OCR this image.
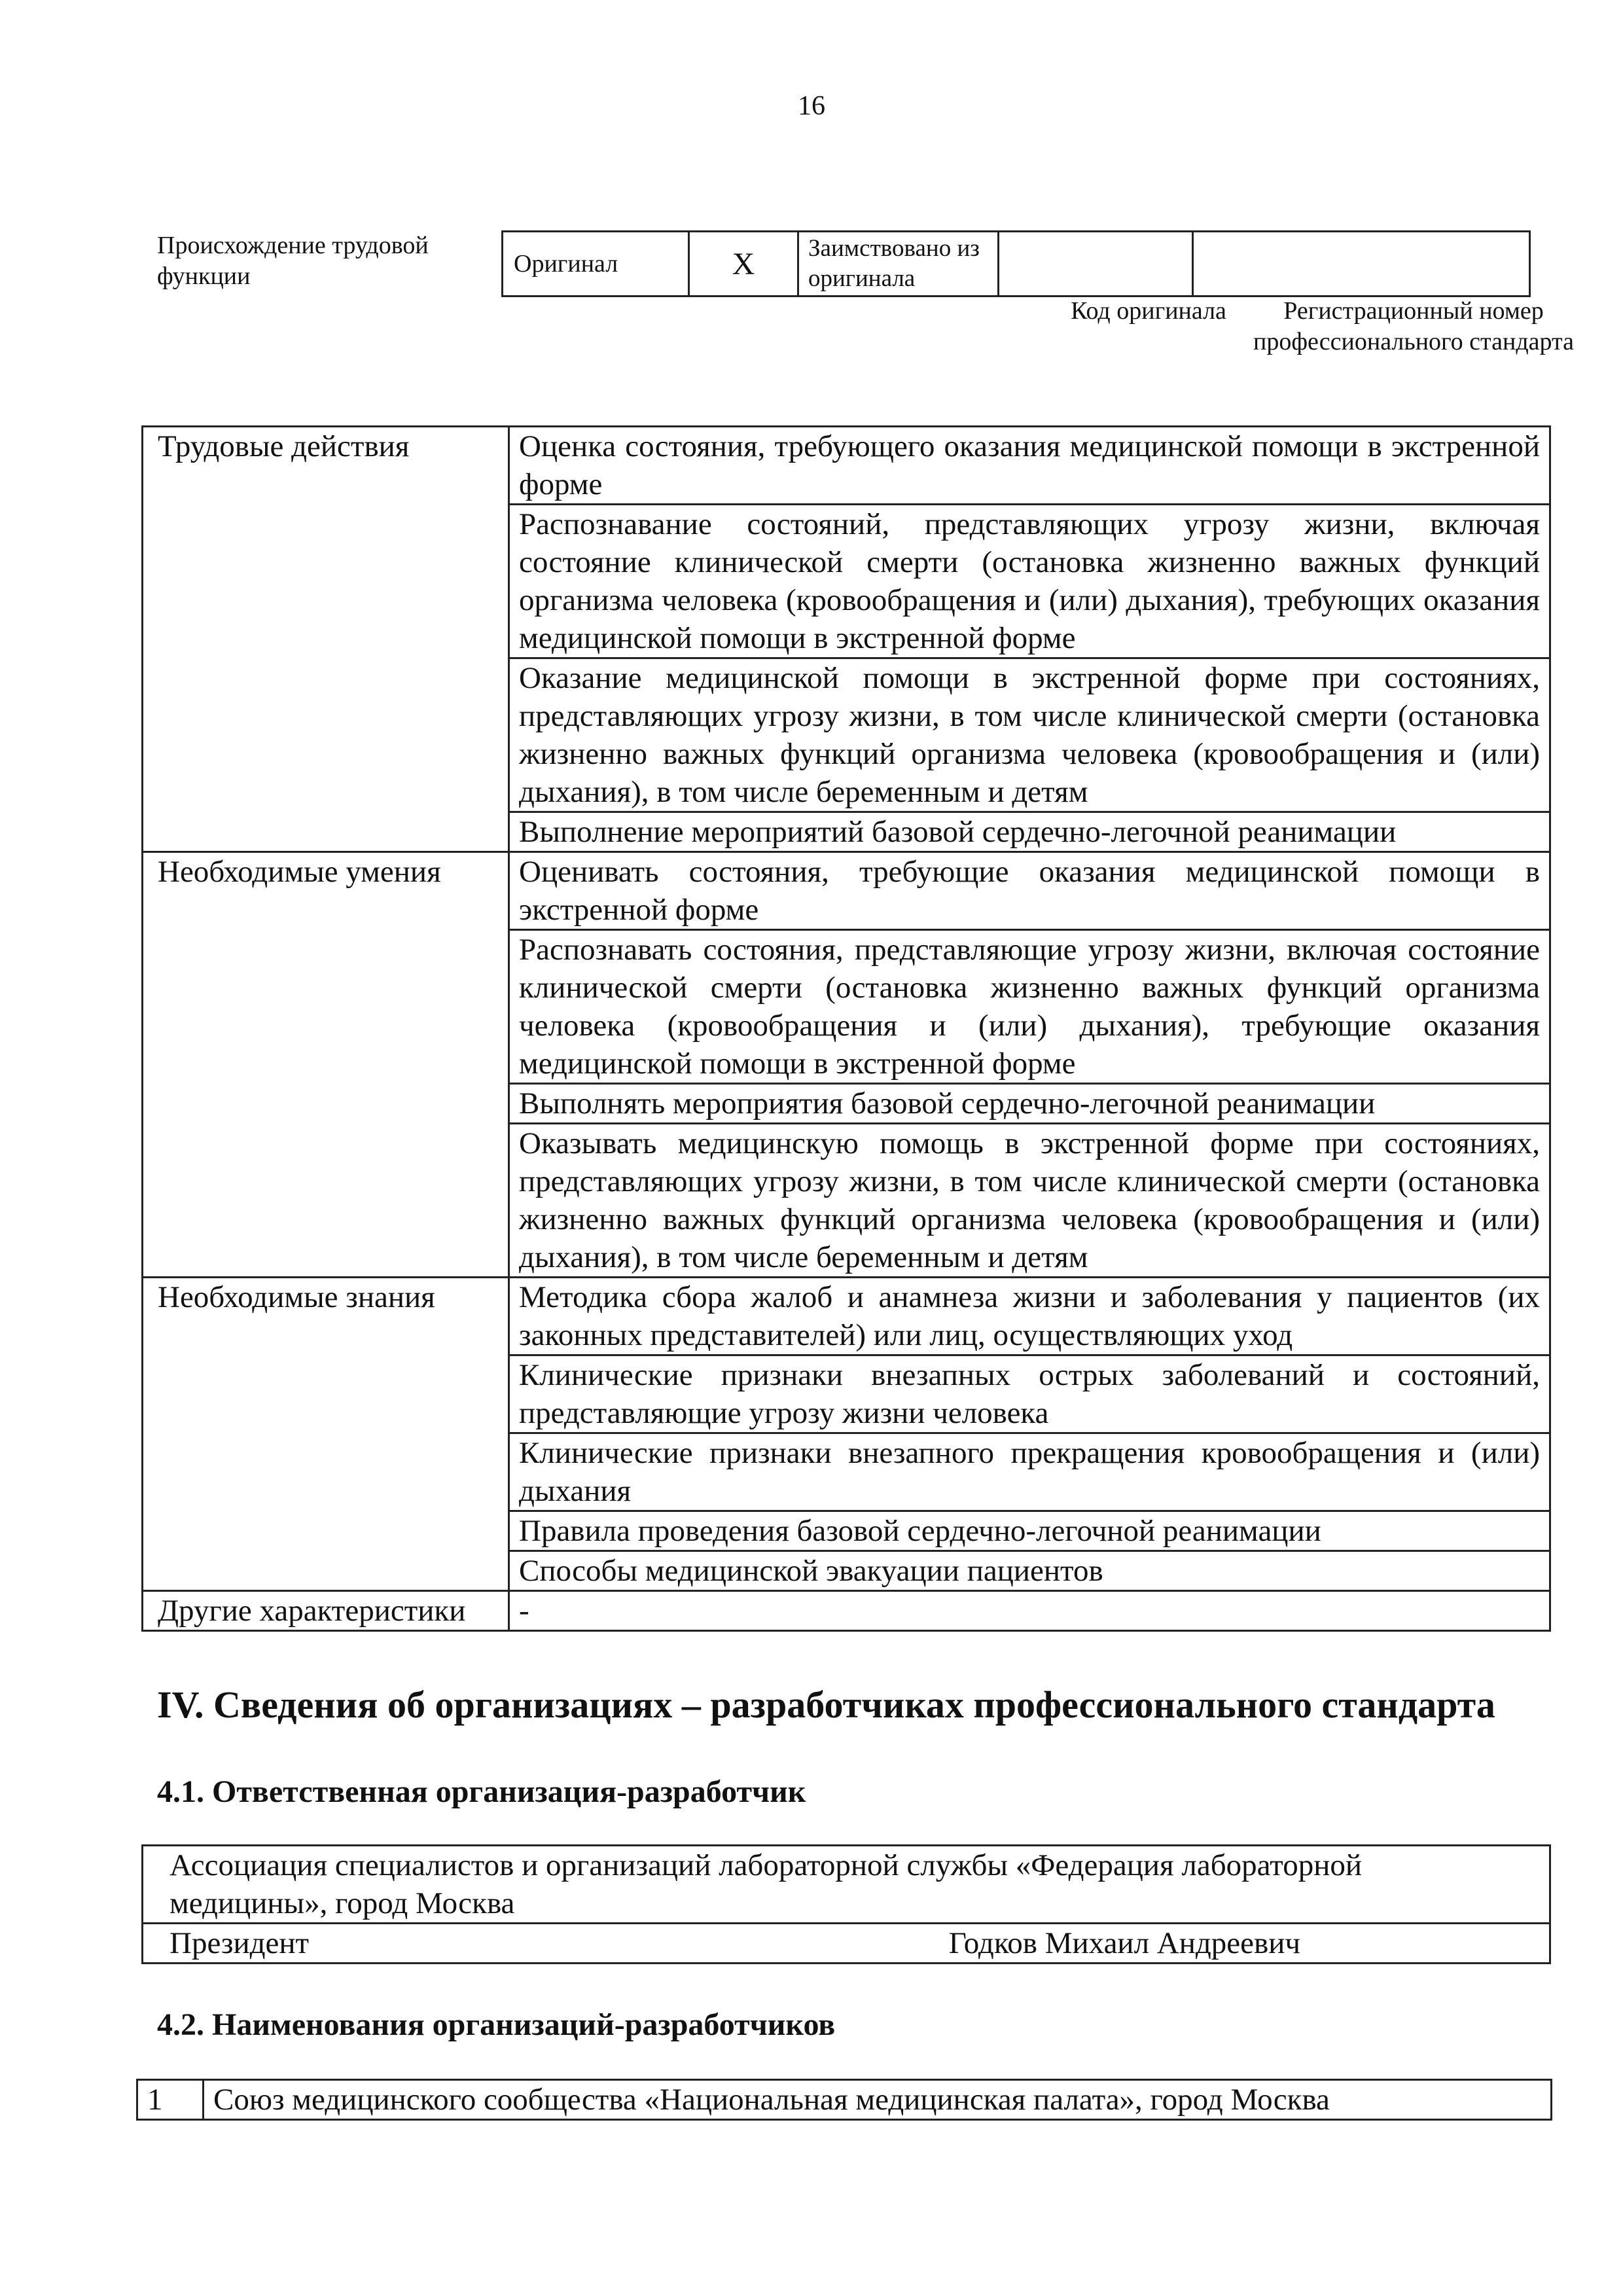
16
Происхождение трудовой функции	Оригинал	X	Заимствовано из оригинала		
Код оригинала	Регистрационный номер профессионального стандарта
Трудовые действия	Оценка состояния, требующего оказания медицинской помощи в экстренной форме
	Распознавание состояний, представляющих угрозу жизни, включая состояние клинической смерти (остановка жизненно важных функций организма человека (кровообращения и (или) дыхания), требующих оказания медицинской помощи в экстренной форме
	Оказание медицинской помощи в экстренной форме при состояниях, представляющих угрозу жизни, в том числе клинической смерти (остановка жизненно важных функций организма человека (кровообращения и (или) дыхания), в том числе беременным и детям
	Выполнение мероприятий базовой сердечно-легочной реанимации
Необходимые умения	Оценивать состояния, требующие оказания медицинской помощи в экстренной форме
	Распознавать состояния, представляющие угрозу жизни, включая состояние клинической смерти (остановка жизненно важных функций организма человека (кровообращения и (или) дыхания), требующие оказания медицинской помощи в экстренной форме
	Выполнять мероприятия базовой сердечно-легочной реанимации
	Оказывать медицинскую помощь в экстренной форме при состояниях, представляющих угрозу жизни, в том числе клинической смерти (остановка жизненно важных функций организма человека (кровообращения и (или) дыхания), в том числе беременным и детям
Необходимые знания	Методика сбора жалоб и анамнеза жизни и заболевания у пациентов (их законных представителей) или лиц, осуществляющих уход
	Клинические признаки внезапных острых заболеваний и состояний, представляющие угрозу жизни человека
	Клинические признаки внезапного прекращения кровообращения и (или) дыхания
	Правила проведения базовой сердечно-легочной реанимации
	Способы медицинской эвакуации пациентов
Другие характеристики	-
IV. Сведения об организациях – разработчиках профессионального стандарта
4.1. Ответственная организация-разработчик
Ассоциация специалистов и организаций лабораторной службы «Федерация лабораторной медицины», город Москва

Президент	Годков Михаил Андреевич
4.2. Наименования организаций-разработчиков
1	Союз медицинского сообщества «Национальная медицинская палата», город Москва
